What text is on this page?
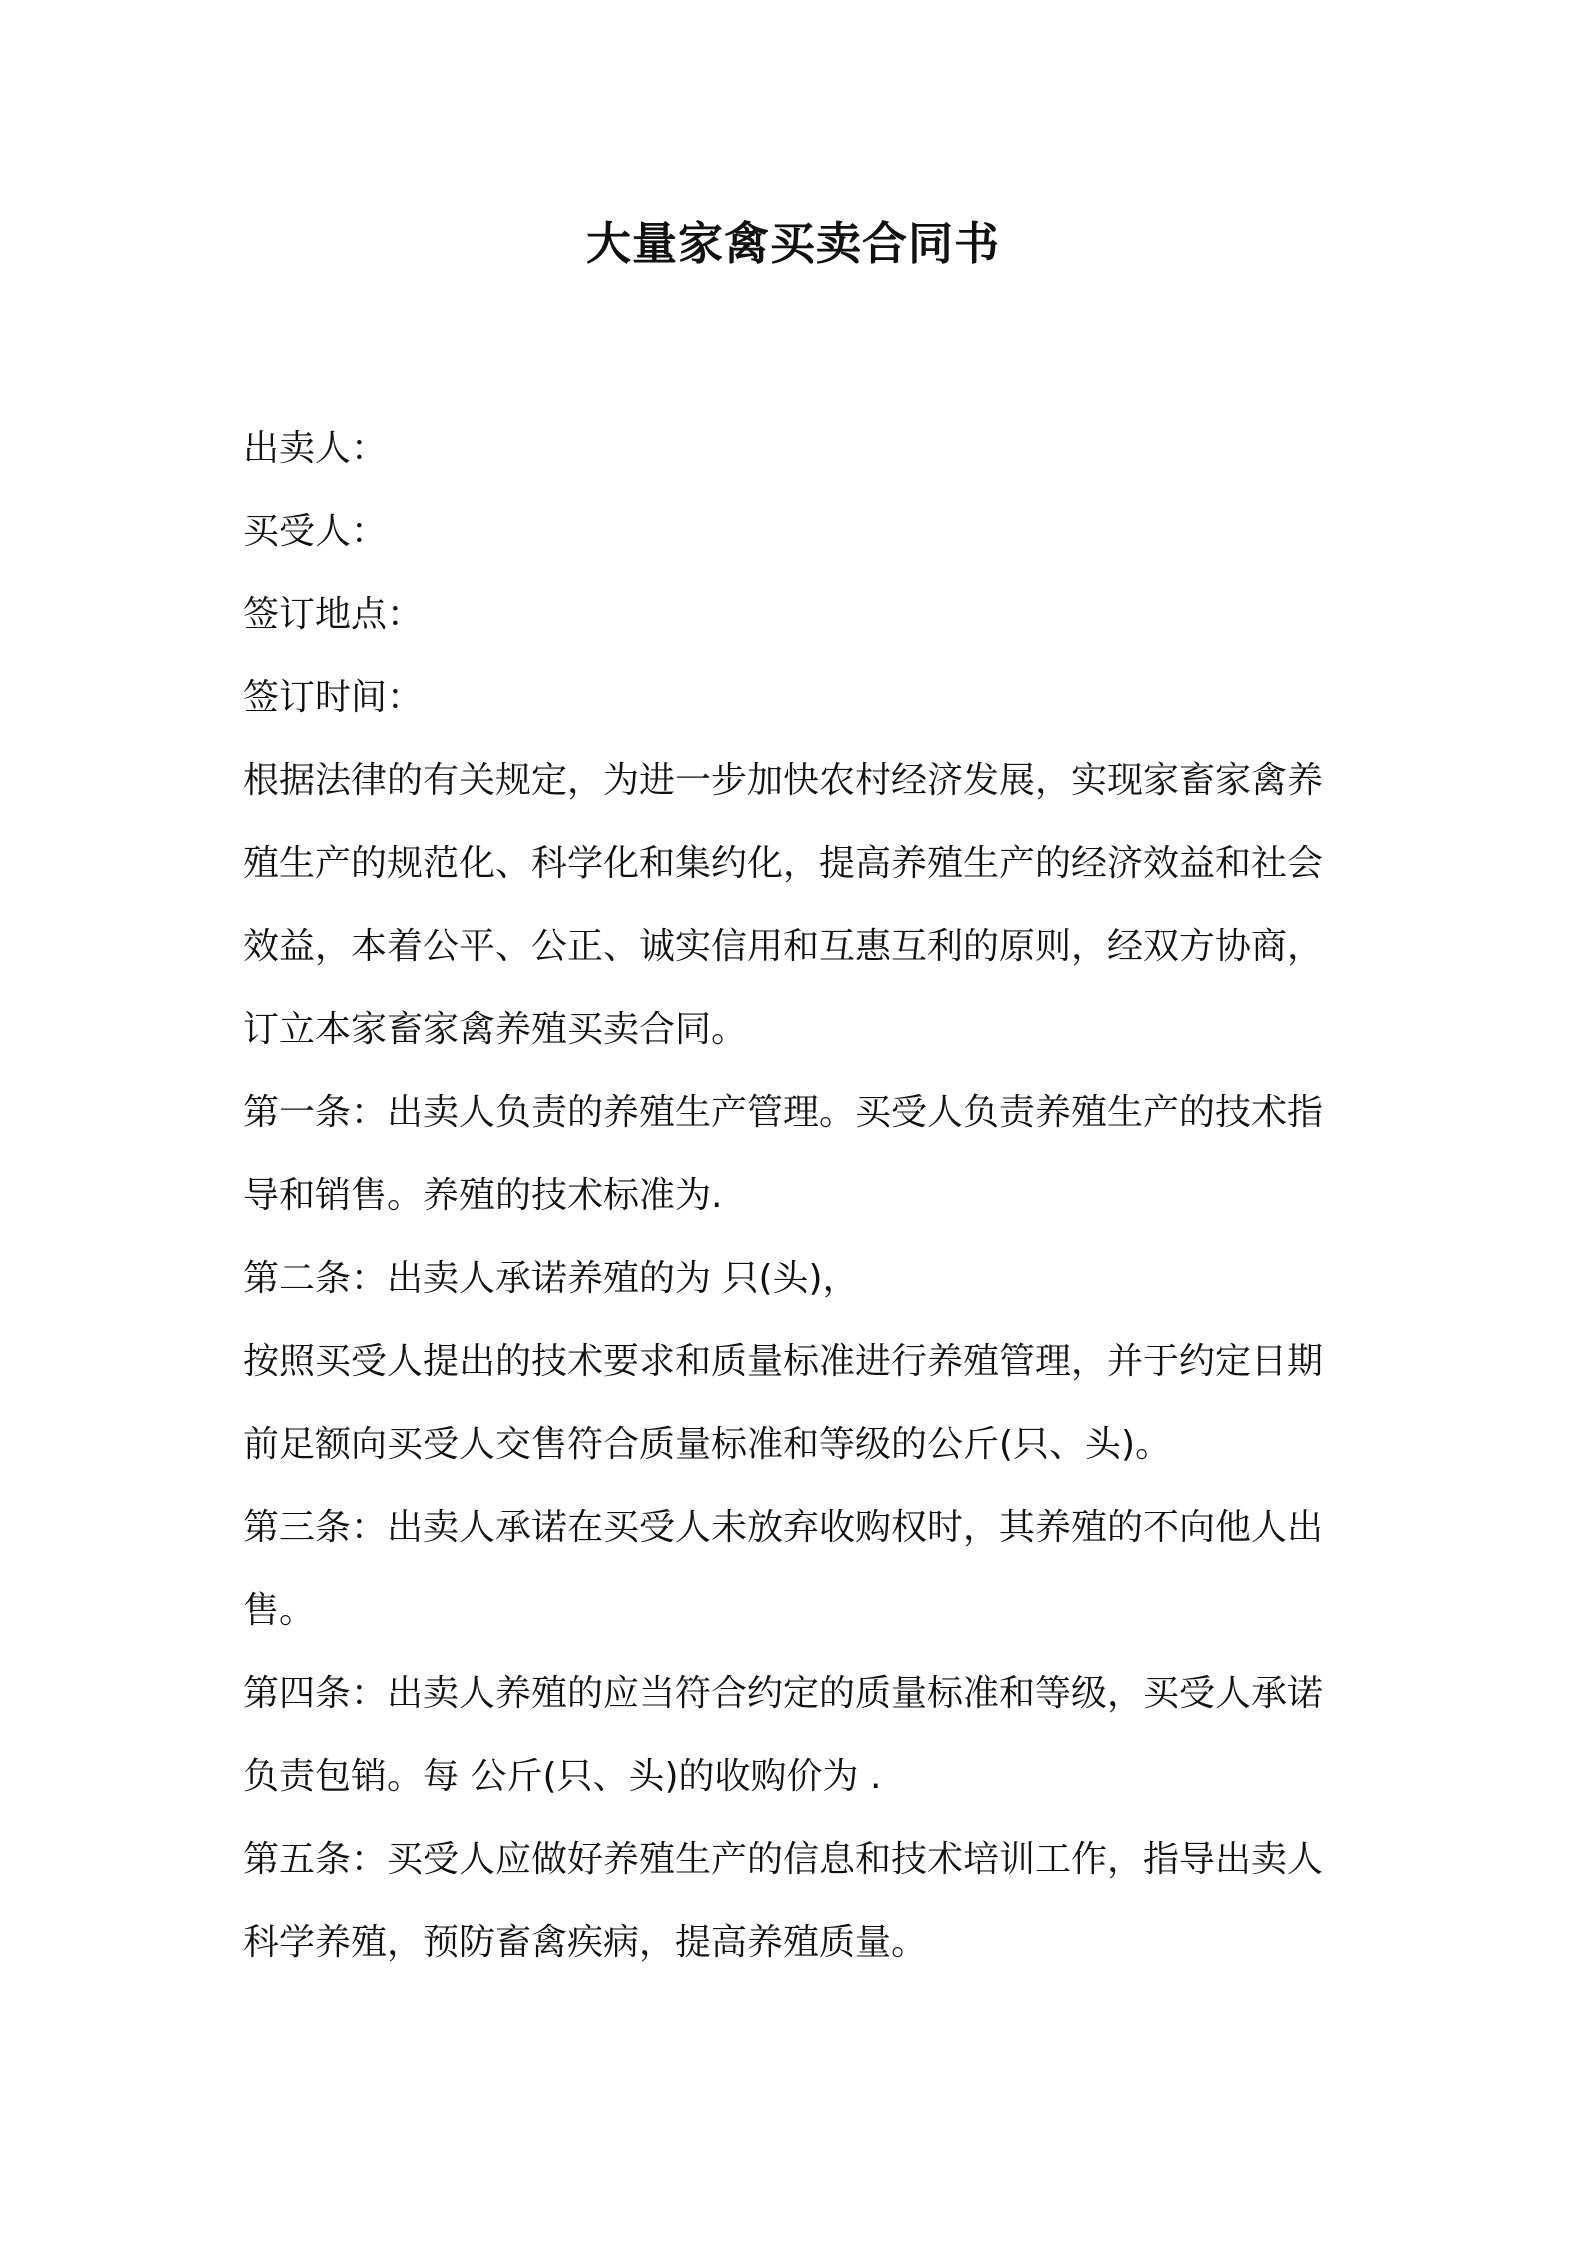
大量家禽买卖合同书

出卖人：

买受人：

签订地点：

签订时间：

根据法律的有关规定，为进一步加快农村经济发展，实现家畜家禽养

殖生产的规范化、科学化和集约化，提高养殖生产的经济效益和社会

效益，本着公平、公正、诚实信用和互惠互利的原则，经双方协商，

订立本家畜家禽养殖买卖合同。

第一条：出卖人负责的养殖生产管理。买受人负责养殖生产的技术指

导和销售。养殖的技术标准为.

第二条：出卖人承诺养殖的为 只(头)，

按照买受人提出的技术要求和质量标准进行养殖管理，并于约定日期

前足额向买受人交售符合质量标准和等级的公斤(只、头)。

第三条：出卖人承诺在买受人未放弃收购权时，其养殖的不向他人出

售。

第四条：出卖人养殖的应当符合约定的质量标准和等级，买受人承诺

负责包销。每 公斤(只、头)的收购价为 .

第五条：买受人应做好养殖生产的信息和技术培训工作，指导出卖人

科学养殖，预防畜禽疾病，提高养殖质量。
